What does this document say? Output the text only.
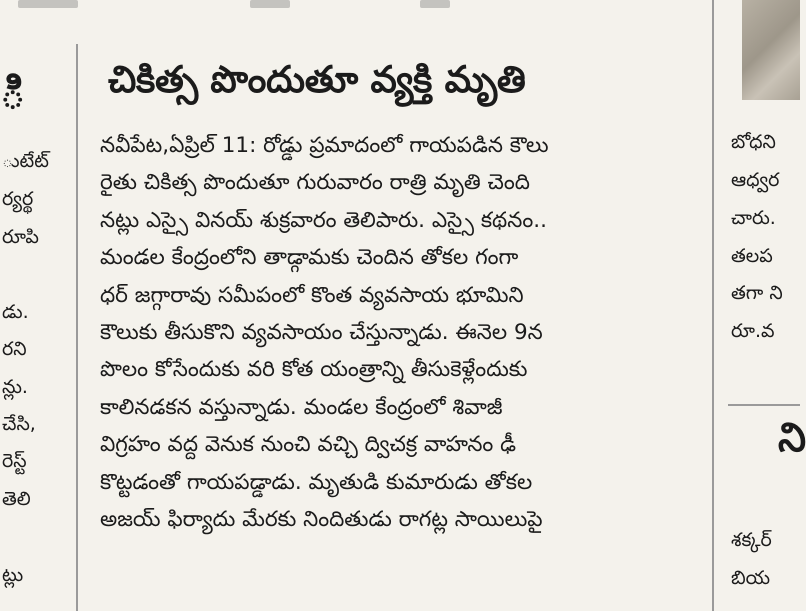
ి
ుటేట్
ర్యర్థ
రూపి
డు.
రని
న్లు.
చేసి,
రెస్ట్
తెలి
ట్లు
చికిత్స పొందుతూ వ్యక్తి మృతి
నవీపేట,ఏప్రిల్ 11: రోడ్డు ప్రమాదంలో గాయపడిన కౌలు
రైతు చికిత్స పొందుతూ గురువారం రాత్రి మృతి చెంది
నట్లు ఎస్సై వినయ్ శుక్రవారం తెలిపారు. ఎస్సై కథనం..
మండల కేంద్రంలోని తాడ్గామకు చెందిన తోకల గంగా
ధర్ జగ్గారావు సమీపంలో కొంత వ్యవసాయ భూమిని
కౌలుకు తీసుకొని వ్యవసాయం చేస్తున్నాడు. ఈనెల 9న
పొలం కోసేందుకు వరి కోత యంత్రాన్ని తీసుకెళ్లేందుకు
కాలినడకన వస్తున్నాడు. మండల కేంద్రంలో శివాజీ
విగ్రహం వద్ద వెనుక నుంచి వచ్చి ద్విచక్ర వాహనం ఢీ
కొట్టడంతో గాయపడ్డాడు. మృతుడి కుమారుడు తోకల
అజయ్ ఫిర్యాదు మేరకు నిందితుడు రాగట్ల సాయిలుపై
బోధని
ఆధ్వర
చారు.
తలప
తగా ని
రూ.వ
ని
శక్కర్
బియ
